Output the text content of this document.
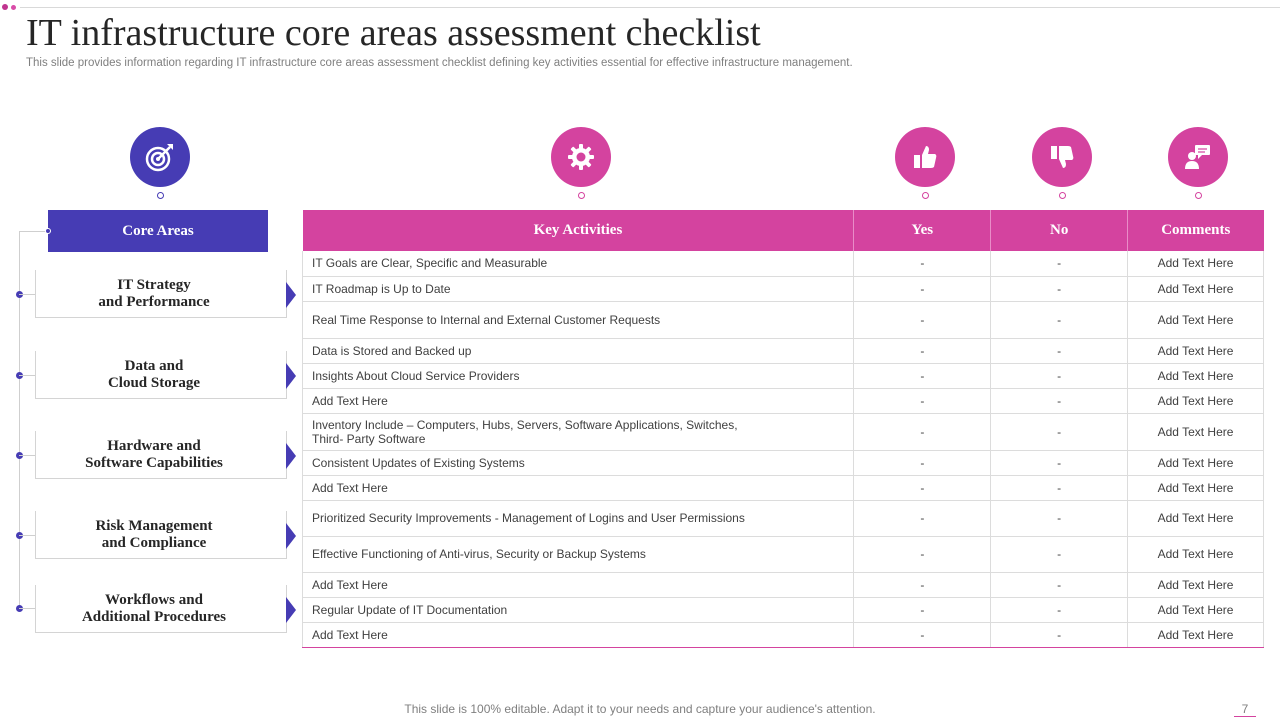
IT infrastructure core areas assessment checklist
This slide provides information regarding IT infrastructure core areas assessment checklist defining key activities essential for effective infrastructure management.
Core Areas
IT Strategy
and Performance
Data and
Cloud Storage
Hardware and
Software Capabilities
Risk Management
and Compliance
Workflows and
Additional Procedures
Key Activities	Yes	No	Comments
IT Goals are Clear, Specific and Measurable	-	-	Add Text Here
IT Roadmap is Up to Date	-	-	Add Text Here
Real Time Response to Internal and External Customer Requests	-	-	Add Text Here
Data is Stored and Backed up	-	-	Add Text Here
Insights About Cloud Service Providers	-	-	Add Text Here
Add Text Here	-	-	Add Text Here
Inventory Include – Computers, Hubs, Servers, Software Applications, Switches,
Third- Party Software	-	-	Add Text Here
Consistent Updates of Existing Systems	-	-	Add Text Here
Add Text Here	-	-	Add Text Here
Prioritized Security Improvements - Management of Logins and User Permissions	-	-	Add Text Here
Effective Functioning of Anti-virus, Security or Backup Systems	-	-	Add Text Here
Add Text Here	-	-	Add Text Here
Regular Update of IT Documentation	-	-	Add Text Here
Add Text Here	-	-	Add Text Here
This slide is 100% editable. Adapt it to your needs and capture your audience's attention.	7
